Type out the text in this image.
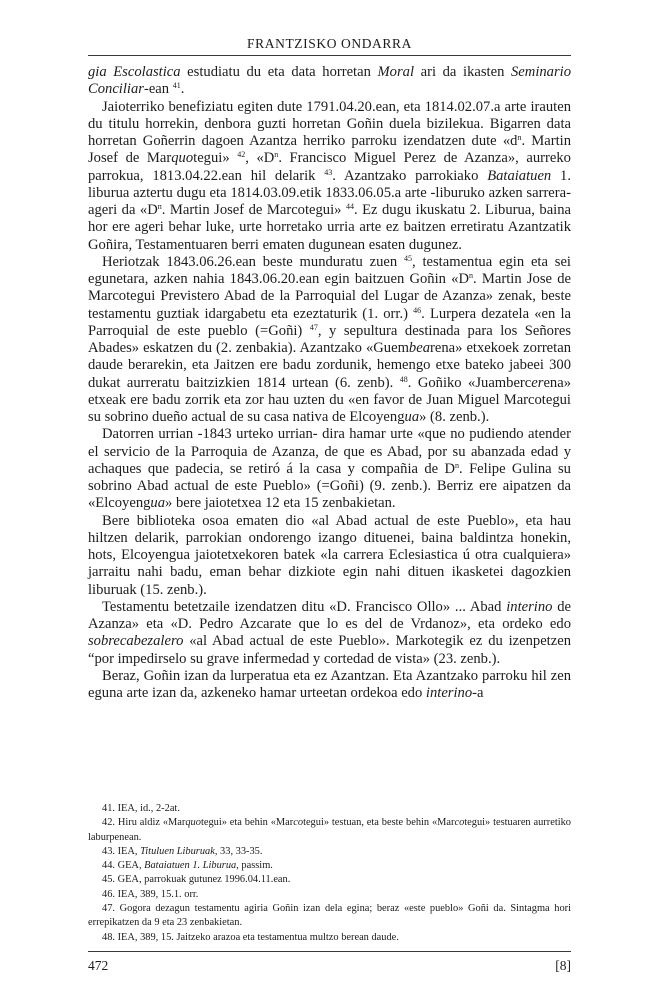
FRANTZISKO ONDARRA

gia Escolastica estudiatu du eta data horretan Moral ari da ikasten Seminario Conciliar-ean $^{41}$.

Jaioterriko benefiziatu egiten dute 1791.04.20.ean, eta 1814.02.07.a arte irauten du titulu horrekin, denbora guzti horretan Goñin duela bizilekua. Bigarren data horretan Goñerrin dagoen Azantza herriko parroku izendatzen dute «$d^n$. Martin Josef de Marquotegui» $^{42}$, «$D^n$. Francisco Miguel Perez de Azanza», aurreko parrokua, 1813.04.22.ean hil delarik $^{43}$. Azantzako parrokiako Bataiatuen 1. liburua aztertu dugu eta 1814.03.09.etik 1833.06.05.a arte -liburuko azken sarrera- ageri da «$D^n$. Martin Josef de Marcotegui» $^{44}$. Ez dugu ikuskatu 2. Liburua, baina hor ere ageri behar luke, urte horretako urria arte ez baitzen erretiratu Azantzatik Goñira, Testamentuaren berri ematen dugunean esaten dugunez.

Heriotzak 1843.06.26.ean beste munduratu zuen $^{45}$, testamentua egin eta sei egunetara, azken nahia 1843.06.20.ean egin baitzuen Goñin «$D^n$. Martin Jose de Marcotegui Previstero Abad de la Parroquial del Lugar de Azanza» zenak, beste testamentu guztiak idargabetu eta ezeztaturik (1. orr.) $^{46}$. Lurpera dezatela «en la Parroquial de este pueblo (=Goñi) $^{47}$, y sepultura destinada para los Señores Abades» eskatzen du (2. zenbakia). Azantzako «Guembearena» etxekoek zorretan daude berarekin, eta Jaitzen ere badu zordunik, hemengo etxe bateko jabeei 300 dukat aurreratu baitzizkien 1814 urtean (6. zenb). $^{48}$. Goñiko «Juambercerena» etxeak ere badu zorrik eta zor hau uzten du «en favor de Juan Miguel Marcotegui su sobrino dueño actual de su casa nativa de Elcoyengua» (8. zenb.).

Datorren urrian -1843 urteko urrian- dira hamar urte «que no pudiendo atender el servicio de la Parroquia de Azanza, de que es Abad, por su abanzada edad y achaques que padecia, se retiró á la casa y compañia de $D^n$. Felipe Gulina su sobrino Abad actual de este Pueblo» (=Goñi) (9. zenb.). Berriz ere aipatzen da «Elcoyengua» bere jaiotetxea 12 eta 15 zenbakietan.

Bere biblioteka osoa ematen dio «al Abad actual de este Pueblo», eta hau hiltzen delarik, parrokian ondorengo izango dituenei, baina baldintza honekin, hots, Elcoyengua jaiotetxekoren batek «la carrera Eclesiastica ú otra cualquiera» jarraitu nahi badu, eman behar dizkiote egin nahi dituen ikasketei dagozkien liburuak (15. zenb.).

Testamentu betetzaile izendatzen ditu «D. Francisco Ollo» ... Abad interino de Azanza» eta «D. Pedro Azcarate que lo es del de Vrdanoz», eta ordeko edo sobrecabezalero «al Abad actual de este Pueblo». Markotegik ez du izenpetzen “por impedirselo su grave infermedad y cortedad de vista» (23. zenb.).

Beraz, Goñin izan da lurperatua eta ez Azantzan. Eta Azantzako parroku hil zen eguna arte izan da, azkeneko hamar urteetan ordekoa edo interino-a

41. IEA, id., 2-2at.

42. Hiru aldiz «Marquotegui» eta behin «Marcotegui» testuan, eta beste behin «Marcotegui» testuaren aurretiko laburpenean.

43. IEA, Tituluen Liburuak, 33, 33-35.

44. GEA, Bataiatuen 1. Liburua, passim.

45. GEA, parrokuak gutunez 1996.04.11.ean.

46. IEA, 389, 15.1. orr.

47. Gogora dezagun testamentu agiria Goñin izan dela egina; beraz «este pueblo» Goñi da. Sintagma hori errepikatzen da 9 eta 23 zenbakietan.

48. IEA, 389, 15. Jaitzeko arazoa eta testamentua multzo berean daude.

472	[8]
